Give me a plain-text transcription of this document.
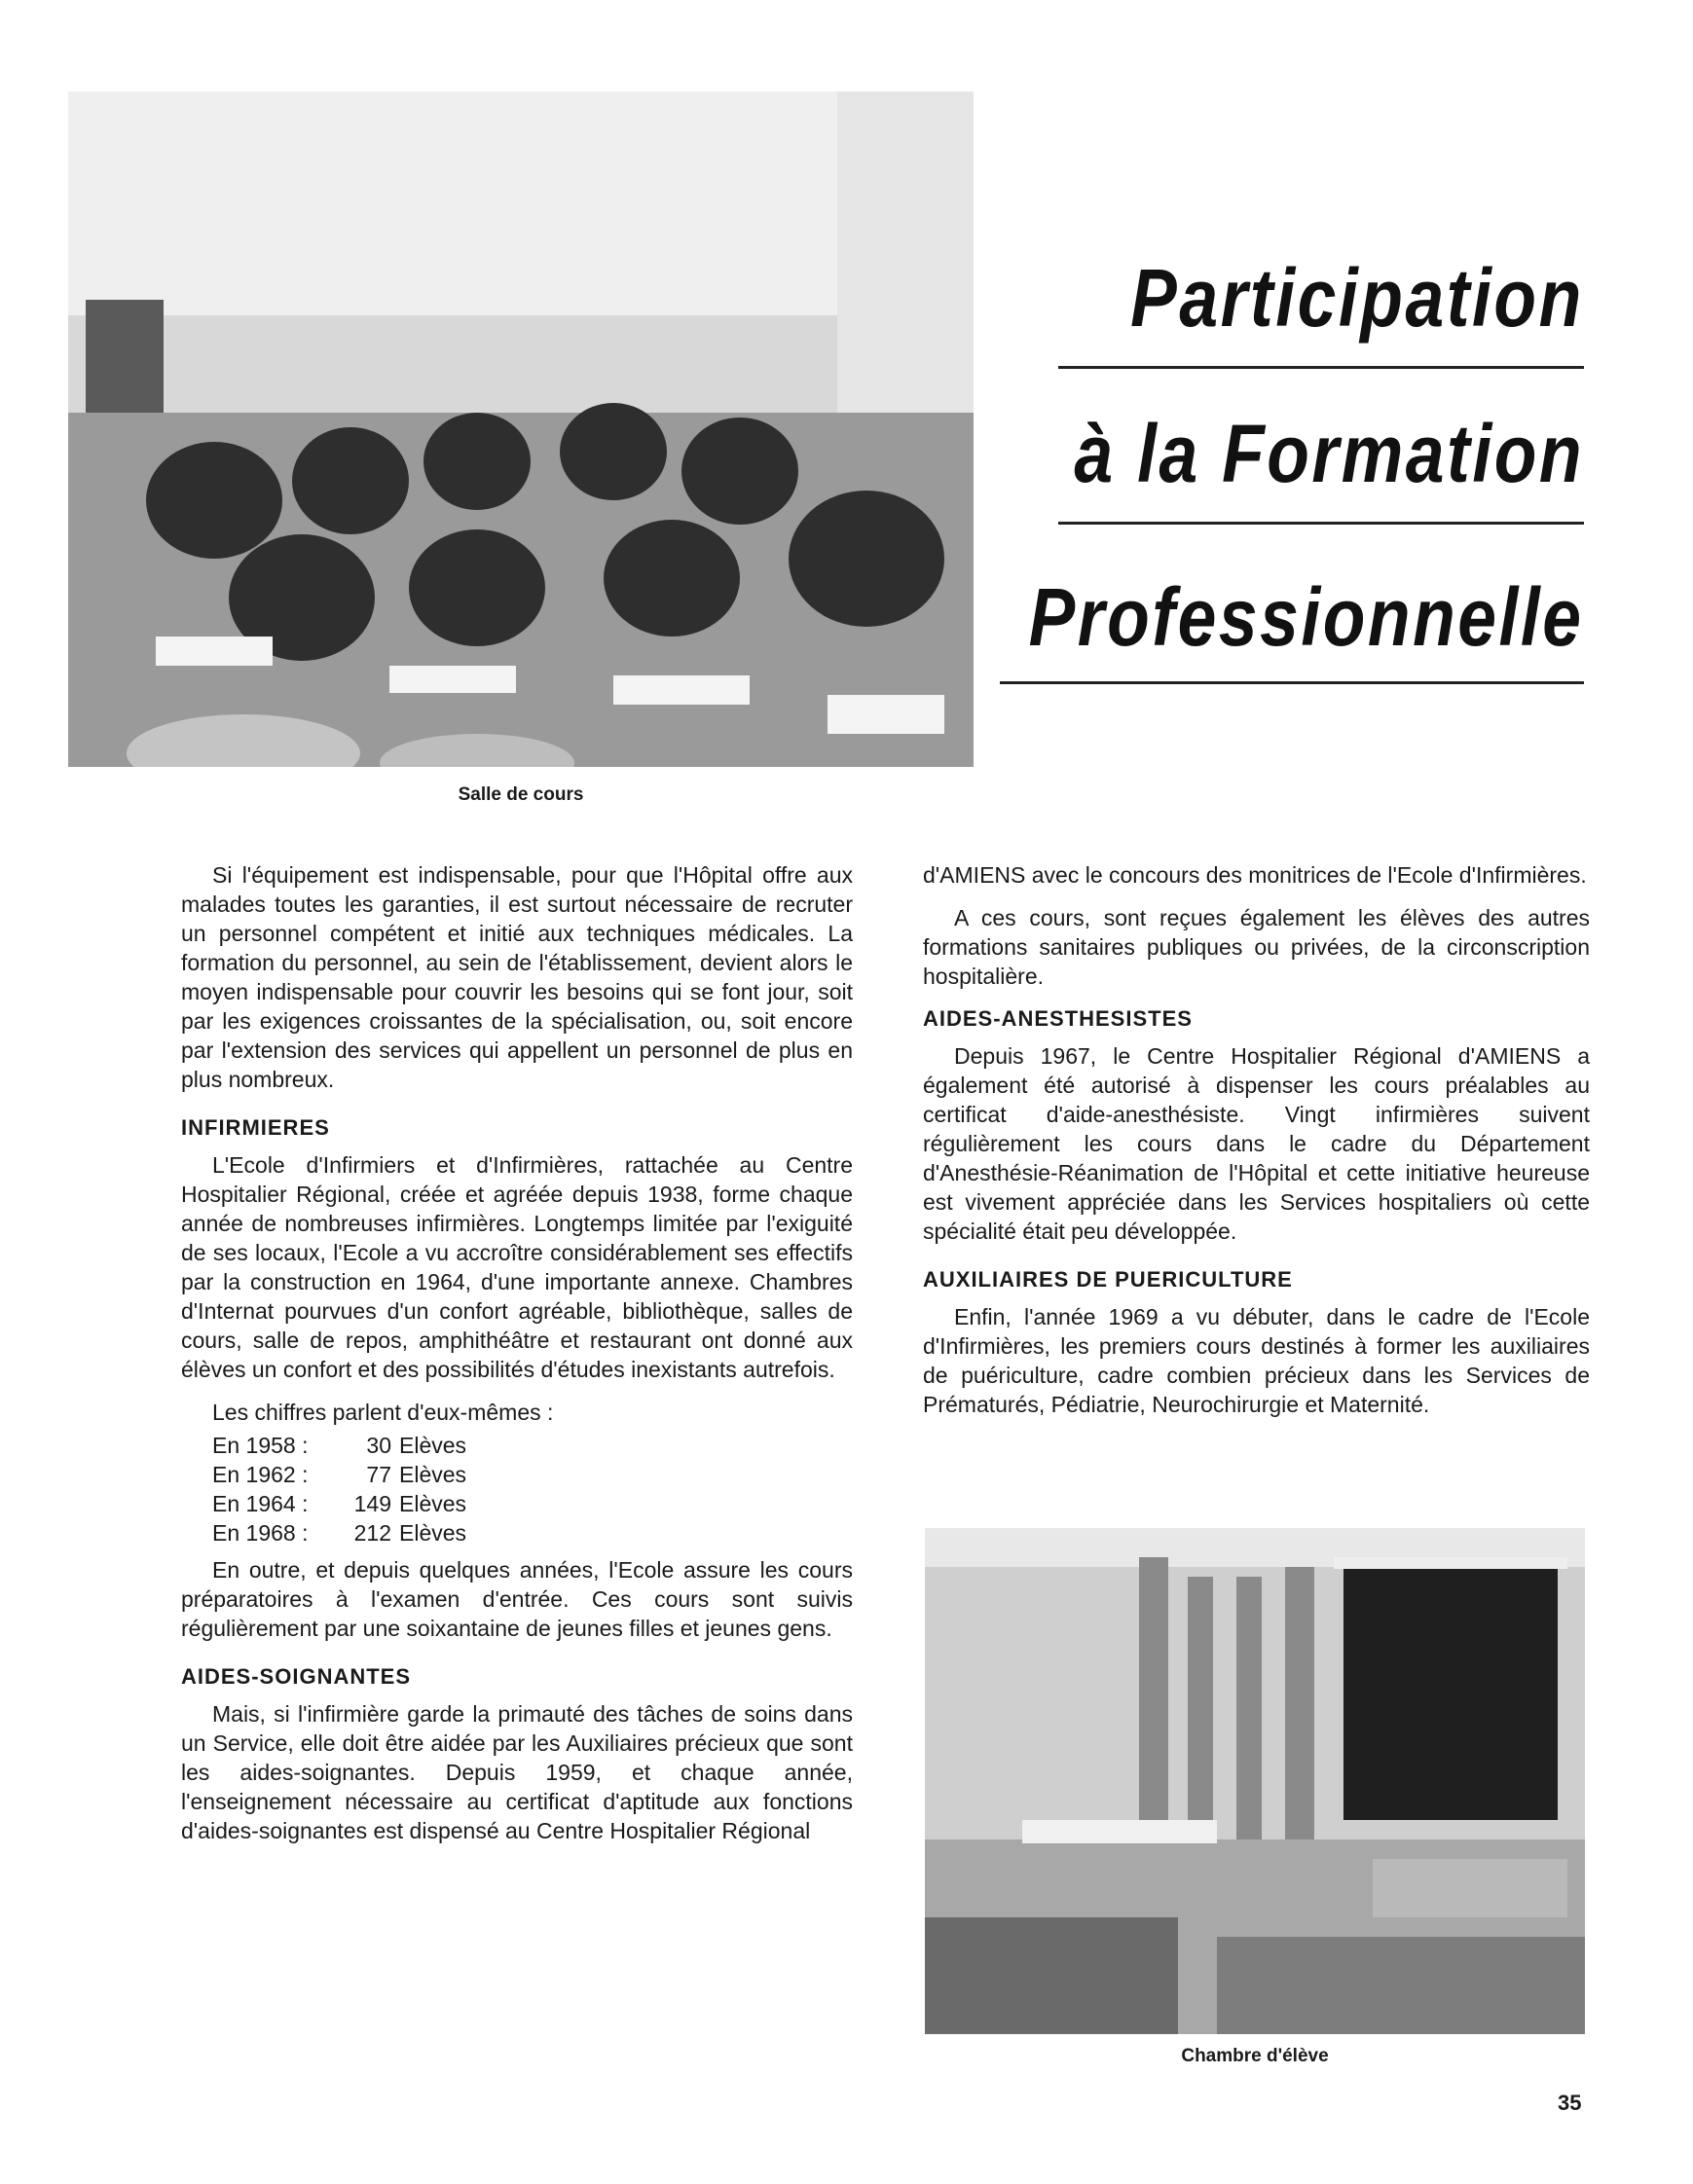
Salle de cours
Participation
à la Formation
Professionnelle

Si l'équipement est indispensable, pour que l'Hôpital offre aux malades toutes les garanties, il est surtout nécessaire de recruter un personnel compétent et initié aux techniques médicales. La formation du personnel, au sein de l'établissement, devient alors le moyen indispensable pour couvrir les besoins qui se font jour, soit par les exigences croissantes de la spécialisation, ou, soit encore par l'extension des services qui appellent un personnel de plus en plus nombreux.

INFIRMIERES

L'Ecole d'Infirmiers et d'Infirmières, rattachée au Centre Hospitalier Régional, créée et agréée depuis 1938, forme chaque année de nombreuses infirmières. Longtemps limitée par l'exiguité de ses locaux, l'Ecole a vu accroître considérablement ses effectifs par la construction en 1964, d'une importante annexe. Chambres d'Internat pourvues d'un confort agréable, bibliothèque, salles de cours, salle de repos, amphithéâtre et restaurant ont donné aux élèves un confort et des possibilités d'études inexistants autrefois.

Les chiffres parlent d'eux-mêmes :
En 1958 :	30 Elèves
En 1962 :	77 Elèves
En 1964 :	149 Elèves
En 1968 :	212 Elèves

En outre, et depuis quelques années, l'Ecole assure les cours préparatoires à l'examen d'entrée. Ces cours sont suivis régulièrement par une soixantaine de jeunes filles et jeunes gens.

AIDES-SOIGNANTES

Mais, si l'infirmière garde la primauté des tâches de soins dans un Service, elle doit être aidée par les Auxiliaires précieux que sont les aides-soignantes. Depuis 1959, et chaque année, l'enseignement nécessaire au certificat d'aptitude aux fonctions d'aides-soignantes est dispensé au Centre Hospitalier Régional

d'AMIENS avec le concours des monitrices de l'Ecole d'Infirmières.

A ces cours, sont reçues également les élèves des autres formations sanitaires publiques ou privées, de la circonscription hospitalière.

AIDES-ANESTHESISTES

Depuis 1967, le Centre Hospitalier Régional d'AMIENS a également été autorisé à dispenser les cours préalables au certificat d'aide-anesthésiste. Vingt infirmières suivent régulièrement les cours dans le cadre du Département d'Anesthésie-Réanimation de l'Hôpital et cette initiative heureuse est vivement appréciée dans les Services hospitaliers où cette spécialité était peu développée.

AUXILIAIRES DE PUERICULTURE

Enfin, l'année 1969 a vu débuter, dans le cadre de l'Ecole d'Infirmières, les premiers cours destinés à former les auxiliaires de puériculture, cadre combien précieux dans les Services de Prématurés, Pédiatrie, Neurochirurgie et Maternité.

Chambre d'élève
35
